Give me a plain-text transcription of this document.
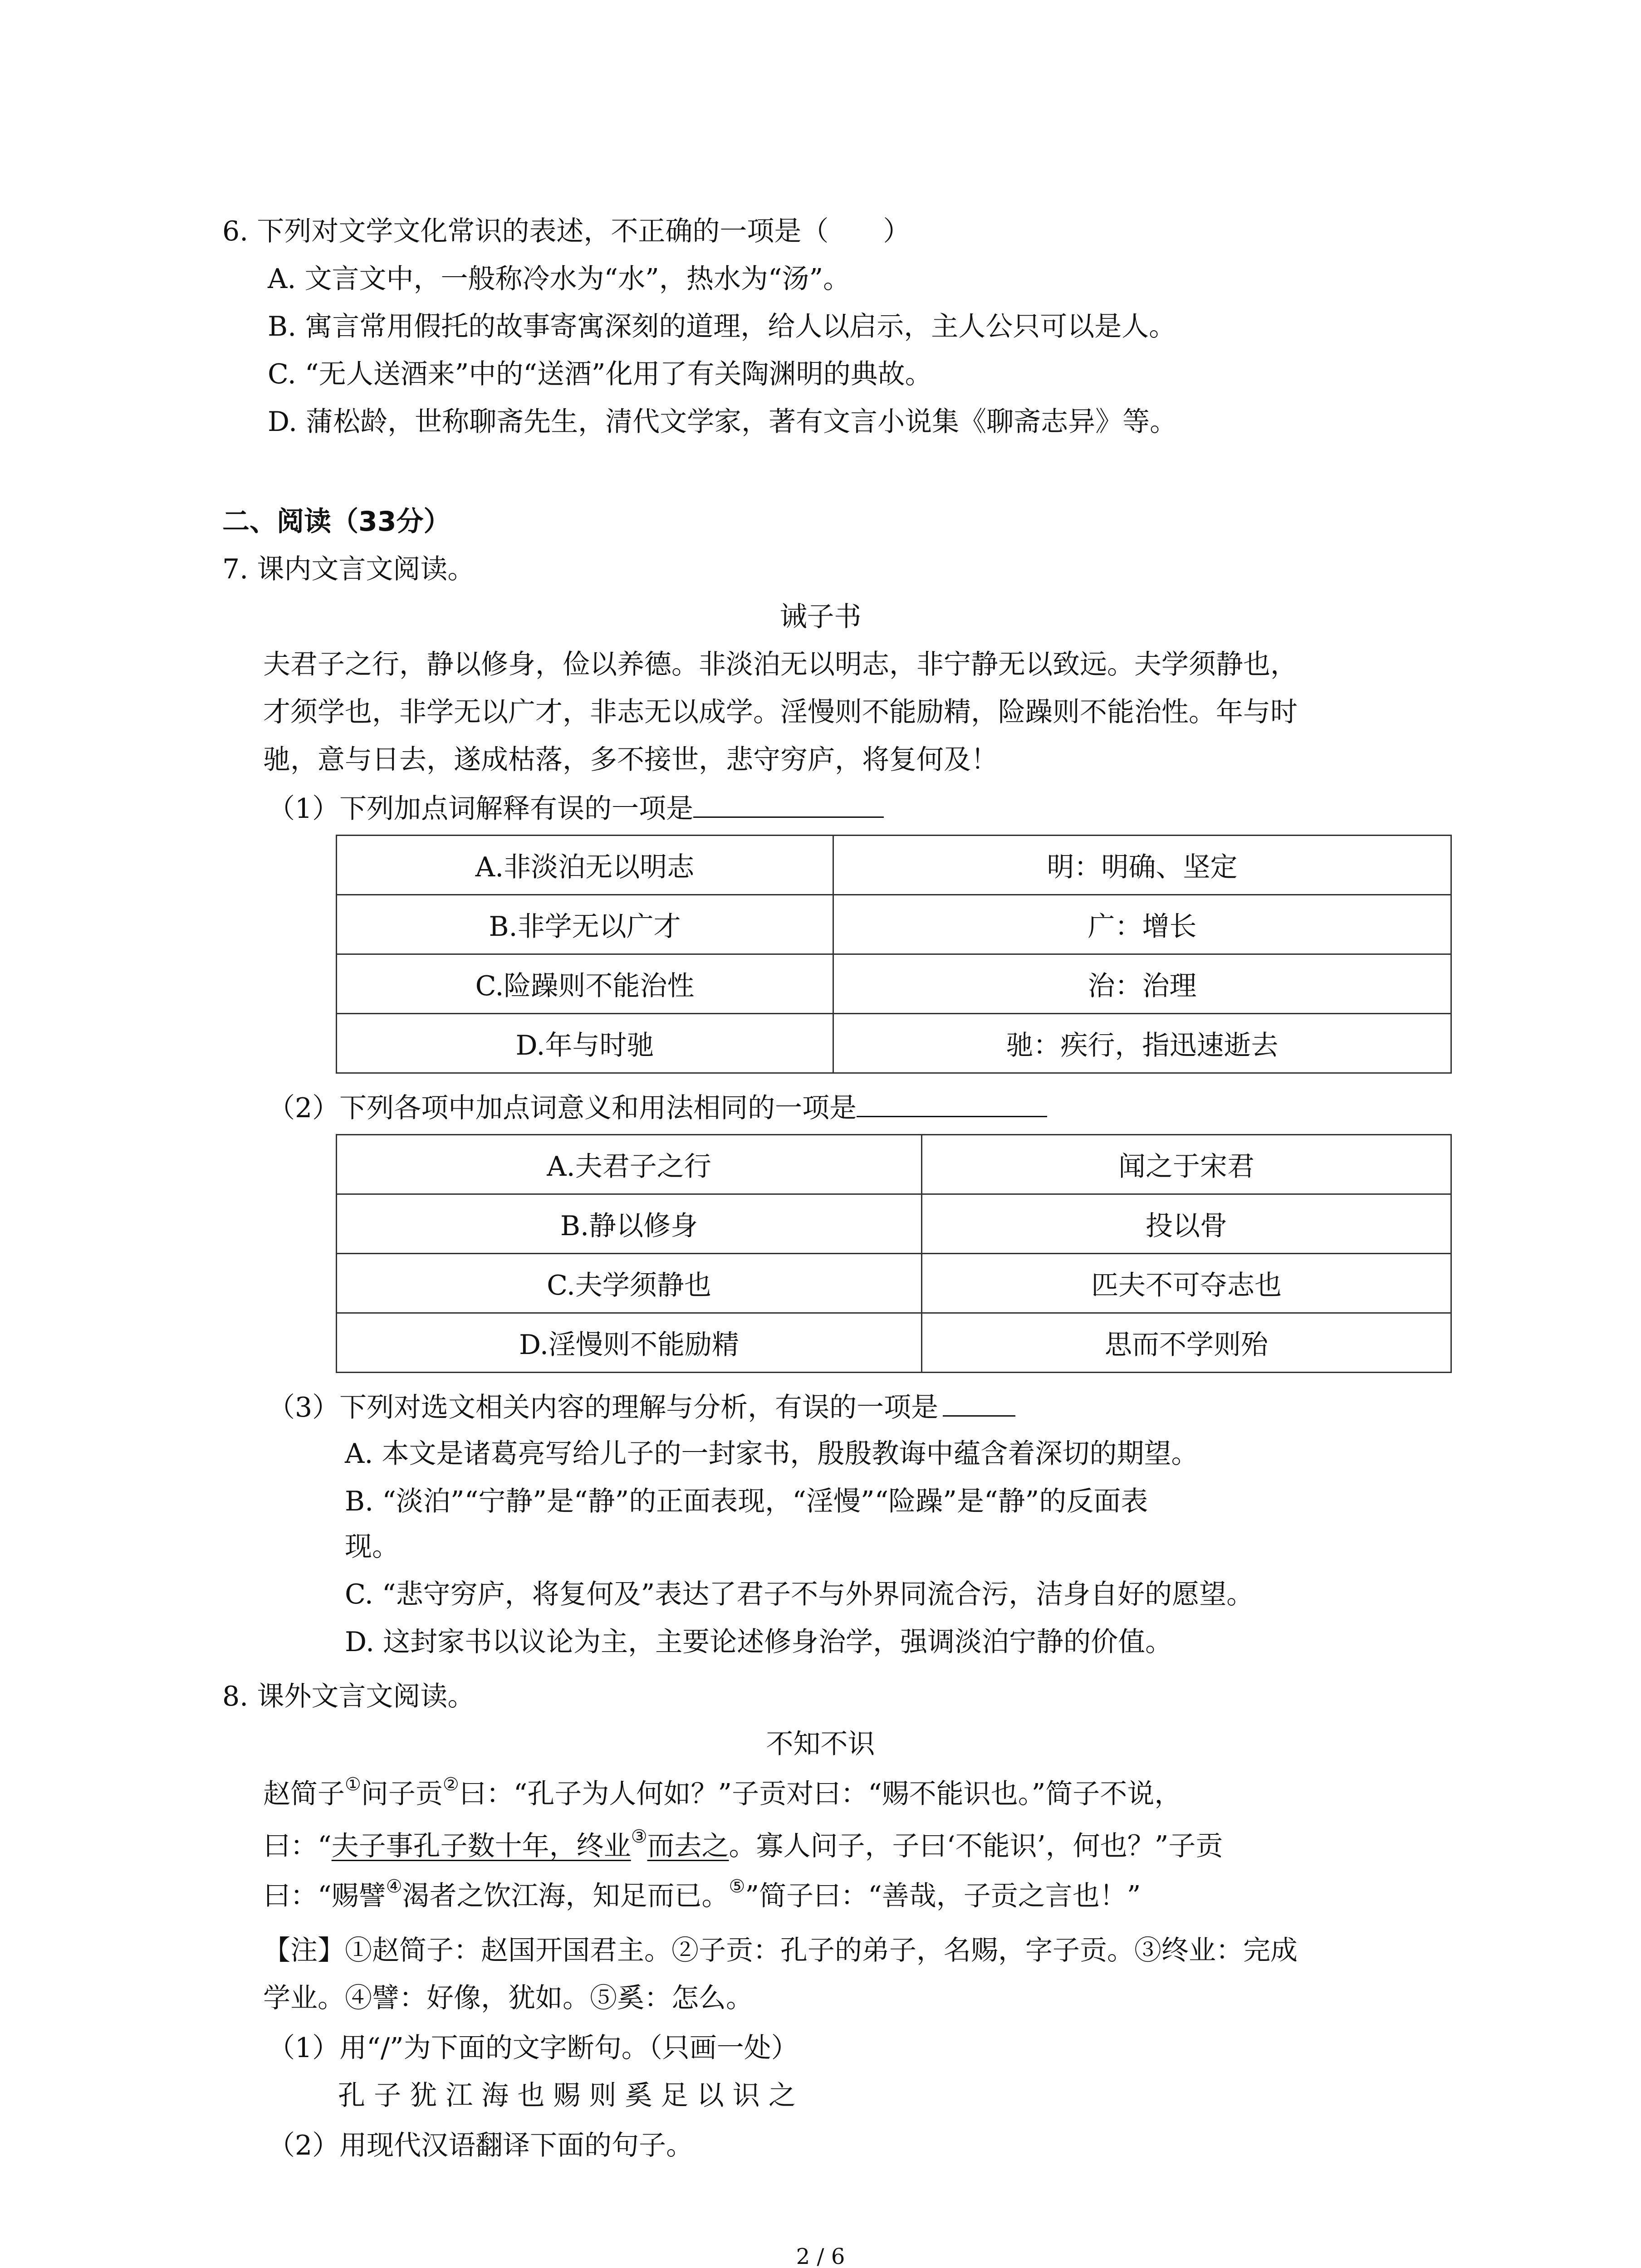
6. 下列对文学文化常识的表述，不正确的一项是（　　）
A. 文言文中，一般称冷水为“水”，热水为“汤”。
B. 寓言常用假托的故事寄寓深刻的道理，给人以启示，主人公只可以是人。
C. “无人送酒来”中的“送酒”化用了有关陶渊明的典故。
D. 蒲松龄，世称聊斋先生，清代文学家，著有文言小说集《聊斋志异》等。
二、阅读（33分）
7. 课内文言文阅读。
诫子书
夫君子之行，静以修身，俭以养德。非淡泊无以明志，非宁静无以致远。夫学须静也，
才须学也，非学无以广才，非志无以成学。淫慢则不能励精，险躁则不能治性。年与时
驰，意与日去，遂成枯落，多不接世，悲守穷庐，将复何及！
（1）下列加点词解释有误的一项是
A.非淡泊无以明志	明：明确、坚定
B.非学无以广才	广：增长
C.险躁则不能治性	治：治理
D.年与时驰	驰：疾行，指迅速逝去
（2）下列各项中加点词意义和用法相同的一项是
A.夫君子之行	闻之于宋君
B.静以修身	投以骨
C.夫学须静也	匹夫不可夺志也
D.淫慢则不能励精	思而不学则殆
（3）下列对选文相关内容的理解与分析，有误的一项是
A. 本文是诸葛亮写给儿子的一封家书，殷殷教诲中蕴含着深切的期望。
B. “淡泊”“宁静”是“静”的正面表现，“淫慢”“险躁”是“静”的反面表
现。
C. “悲守穷庐，将复何及”表达了君子不与外界同流合污，洁身自好的愿望。
D. 这封家书以议论为主，主要论述修身治学，强调淡泊宁静的价值。
8. 课外文言文阅读。
不知不识
赵简子①问子贡②曰：“孔子为人何如？”子贡对曰：“赐不能识也。”简子不说，
曰：“夫子事孔子数十年，终业③而去之。寡人问子，子曰‘不能识’，何也？”子贡
曰：“赐譬④渴者之饮江海，知足而已。⑤”简子曰：“善哉，子贡之言也！”
【注】①赵简子：赵国开国君主。②子贡：孔子的弟子，名赐，字子贡。③终业：完成
学业。④譬：好像，犹如。⑤奚：怎么。
（1）用“/”为下面的文字断句。（只画一处）
孔 子 犹 江 海 也 赐 则 奚 足 以 识 之
（2）用现代汉语翻译下面的句子。
2 / 6
